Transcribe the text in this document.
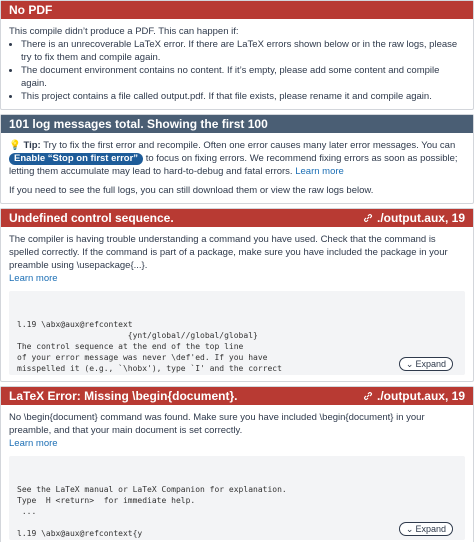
No PDF
This compile didn’t produce a PDF. This can happen if:
• There is an unrecoverable LaTeX error. If there are LaTeX errors shown below or in the raw logs, please try to fix them and compile again.
• The document environment contains no content. If it’s empty, please add some content and compile again.
• This project contains a file called output.pdf. If that file exists, please rename it and compile again.
101 log messages total. Showing the first 100
💡 Tip: Try to fix the first error and recompile. Often one error causes many later error messages. You can Enable “Stop on first error” to focus on fixing errors. We recommend fixing errors as soon as possible; letting them accumulate may lead to hard-to-debug and fatal errors. Learn more
If you need to see the full logs, you can still download them or view the raw logs below.
Undefined control sequence.	./output.aux, 19
The compiler is having trouble understanding a command you have used. Check that the command is spelled correctly. If the command is part of a package, make sure you have included the package in your preamble using \usepackage{...}.
Learn more

l.19 \abx@aux@refcontext
{ynt/global//global/global}
The control sequence at the end of the top line
of your error message was never \def'ed. If you have
misspelled it (e.g., `\hobx'), type `I' and the correct

	⌄ Expand

LaTeX Error: Missing \begin{document}.	./output.aux, 19
No \begin{document} command was found. Make sure you have included \begin{document} in your preamble, and that your main document is set correctly.
Learn more

See the LaTeX manual or LaTeX Companion for explanation.
Type  H <return>  for immediate help.
...

l.19 \abx@aux@refcontext{y

	⌄ Expand
